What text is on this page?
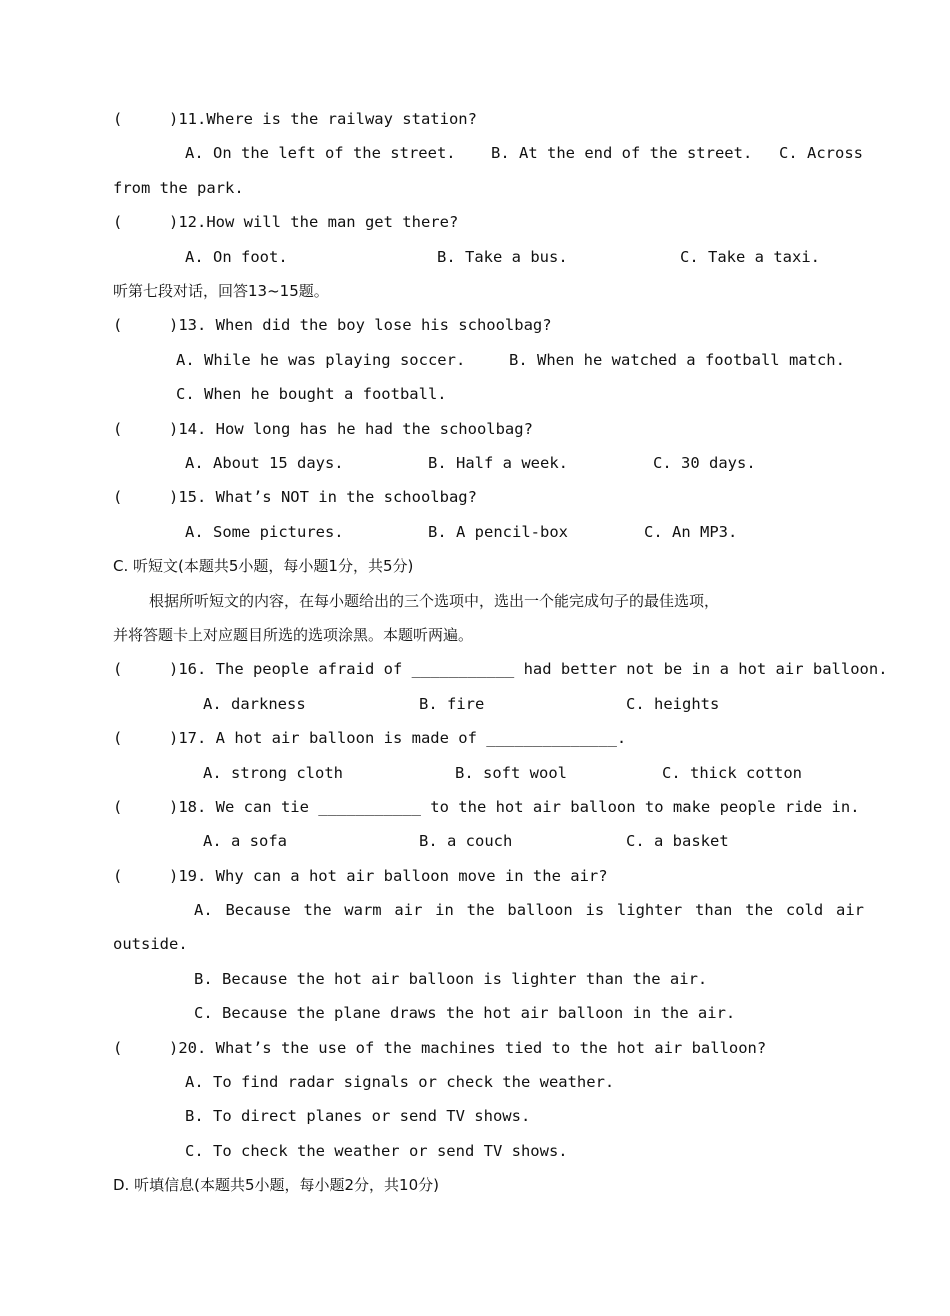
(     )11.Where is the railway station?
A. On the left of the street. B. At the end of the street. C. Across
from the park.
(     )12.How will the man get there?
A. On foot.	B. Take a bus.	C. Take a taxi.
听第七段对话，回答13~15题。
(     )13. When did the boy lose his schoolbag?
A. While he was playing soccer.	B. When he watched a football match.
C. When he bought a football.
(     )14. How long has he had the schoolbag?
A. About 15 days.	B. Half a week.	C. 30 days.
(     )15. What’s NOT in the schoolbag?
A. Some pictures.	B. A pencil-box	C. An MP3.
C. 听短文(本题共5小题，每小题1分，共5分)
根据所听短文的内容，在每小题给出的三个选项中，选出一个能完成句子的最佳选项，
并将答题卡上对应题目所选的选项涂黑。本题听两遍。
(     )16. The people afraid of ___________ had better not be in a hot air balloon.
A. darkness	B. fire	C. heights
(     )17. A hot air balloon is made of ______________.
A. strong cloth	B. soft wool	C. thick cotton
(     )18. We can tie ___________ to the hot air balloon to make people ride in.
A. a sofa	B. a couch	C. a basket
(     )19. Why can a hot air balloon move in the air?
A. Because the warm air in the balloon is lighter than the cold air
outside.
B. Because the hot air balloon is lighter than the air.
C. Because the plane draws the hot air balloon in the air.
(     )20. What’s the use of the machines tied to the hot air balloon?
A. To find radar signals or check the weather.
B. To direct planes or send TV shows.
C. To check the weather or send TV shows.
D. 听填信息(本题共5小题，每小题2分，共10分)
